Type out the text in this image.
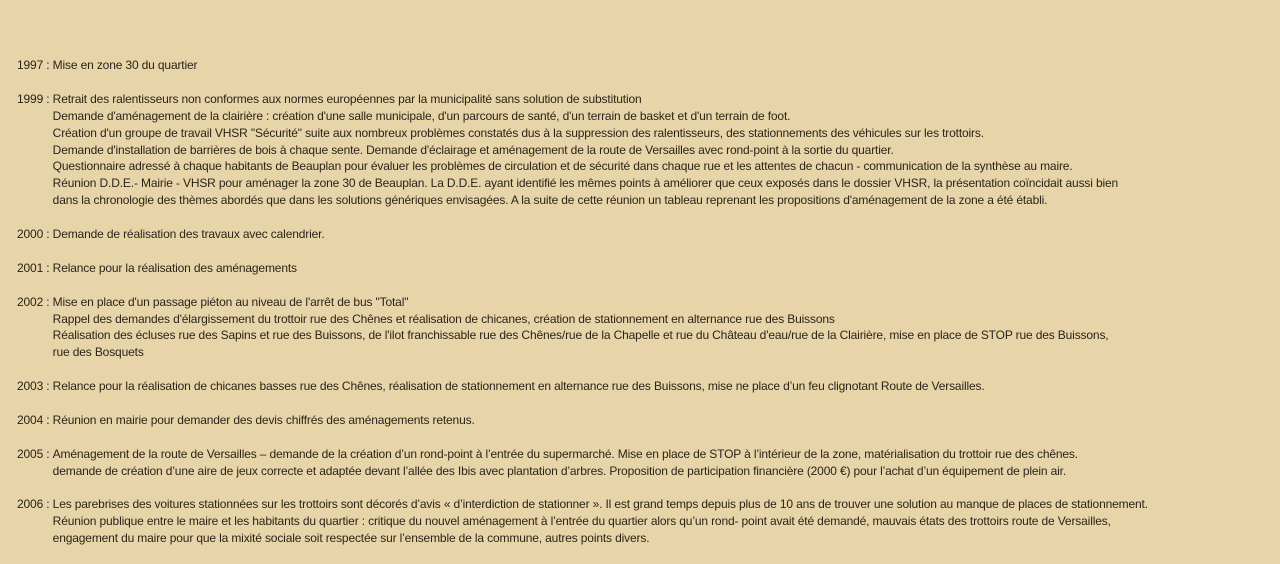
1997 : Mise en zone 30 du quartier
1999 : Retrait des ralentisseurs non conformes aux normes européennes par la municipalité sans solution de substitution
Demande d'aménagement de la clairière : création d'une salle municipale, d'un parcours de santé, d'un terrain de basket et d'un terrain de foot.
Création d'un groupe de travail VHSR "Sécurité" suite aux nombreux problèmes constatés dus à la suppression des ralentisseurs, des stationnements des véhicules sur les trottoirs.
Demande d'installation de barrières de bois à chaque sente. Demande d'éclairage et aménagement de la route de Versailles avec rond-point à la sortie du quartier.
Questionnaire adressé à chaque habitants de Beauplan pour évaluer les problèmes de circulation et de sécurité dans chaque rue et les attentes de chacun - communication de la synthèse au maire.
Réunion D.D.E.- Mairie - VHSR pour aménager la zone 30 de Beauplan. La D.D.E. ayant identifié les mêmes points à améliorer que ceux exposés dans le dossier VHSR, la présentation coïncidait aussi bien
dans la chronologie des thèmes abordés que dans les solutions génériques envisagées. A la suite de cette réunion un tableau reprenant les propositions d'aménagement de la zone a été établi.
2000 : Demande de réalisation des travaux avec calendrier.
2001 : Relance pour la réalisation des aménagements
2002 : Mise en place d'un passage piéton au niveau de l'arrêt de bus "Total"
Rappel des demandes d'élargissement du trottoir rue des Chênes et réalisation de chicanes, création de stationnement en alternance rue des Buissons
Réalisation des écluses rue des Sapins et rue des Buissons, de l'ilot franchissable rue des Chênes/rue de la Chapelle et rue du Château d'eau/rue de la Clairière, mise en place de STOP rue des Buissons,
rue des Bosquets
2003 : Relance pour la réalisation de chicanes basses rue des Chênes, réalisation de stationnement en alternance rue des Buissons, mise ne place d’un feu clignotant Route de Versailles.
2004 : Réunion en mairie pour demander des devis chiffrés des aménagements retenus.
2005 : Aménagement de la route de Versailles – demande de la création d’un rond-point à l’entrée du supermarché. Mise en place de STOP à l’intérieur de la zone, matérialisation du trottoir rue des chênes.
demande de création d’une aire de jeux correcte et adaptée devant l’allée des Ibis avec plantation d’arbres. Proposition de participation financière (2000 €) pour l’achat d’un équipement de plein air.
2006 : Les parebrises des voitures stationnées sur les trottoirs sont décorés d’avis « d’interdiction de stationner ». Il est grand temps depuis plus de 10 ans de trouver une solution au manque de places de stationnement.
Réunion publique entre le maire et les habitants du quartier : critique du nouvel aménagement à l’entrée du quartier alors qu’un rond- point avait été demandé, mauvais états des trottoirs route de Versailles,
engagement du maire pour que la mixité sociale soit respectée sur l’ensemble de la commune, autres points divers.
